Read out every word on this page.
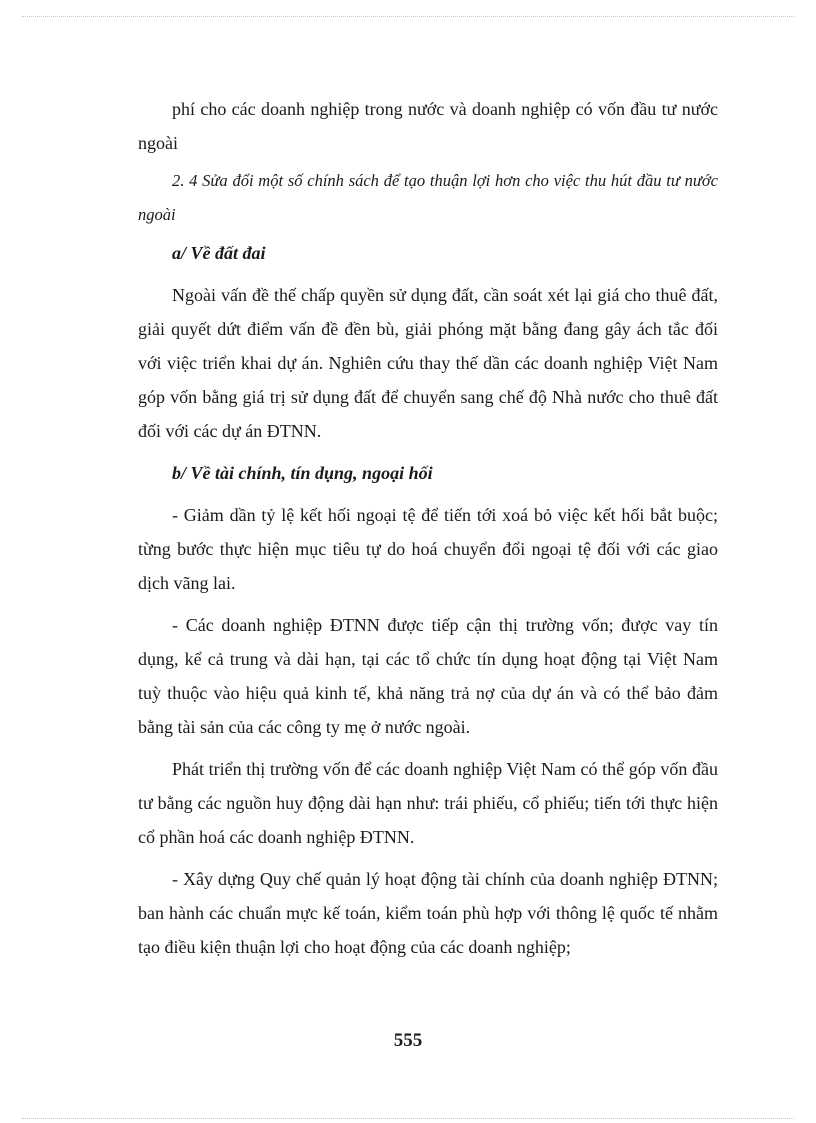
phí cho các doanh nghiệp trong nước và doanh nghiệp có vốn đầu tư nước ngoài

2. 4 Sửa đổi một số chính sách để tạo thuận lợi hơn cho việc thu hút đầu tư nước ngoài

a/ Về đất đai

Ngoài vấn đề thế chấp quyền sử dụng đất, cần soát xét lại giá cho thuê đất, giải quyết dứt điểm vấn đề đền bù, giải phóng mặt bằng đang gây ách tắc đối với việc triển khai dự án. Nghiên cứu thay thế dần các doanh nghiệp Việt Nam góp vốn bằng giá trị sử dụng đất để chuyển sang chế độ Nhà nước cho thuê đất đối với các dự án ĐTNN.

b/ Về tài chính, tín dụng, ngoại hối

- Giảm dần tỷ lệ kết hối ngoại tệ để tiến tới xoá bỏ việc kết hối bắt buộc; từng bước thực hiện mục tiêu tự do hoá chuyển đổi ngoại tệ đối với các giao dịch vãng lai.

- Các doanh nghiệp ĐTNN được tiếp cận thị trường vốn; được vay tín dụng, kể cả trung và dài hạn, tại các tổ chức tín dụng hoạt động tại Việt Nam tuỳ thuộc vào hiệu quả kinh tế, khả năng trả nợ của dự án và có thể bảo đảm bằng tài sản của các công ty mẹ ở nước ngoài.

Phát triển thị trường vốn để các doanh nghiệp Việt Nam có thể góp vốn đầu tư bằng các nguồn huy động dài hạn như: trái phiếu, cổ phiếu; tiến tới thực hiện cổ phần hoá các doanh nghiệp ĐTNN.

- Xây dựng Quy chế quản lý hoạt động tài chính của doanh nghiệp ĐTNN; ban hành các chuẩn mực kế toán, kiểm toán phù hợp với thông lệ quốc tế nhằm tạo điều kiện thuận lợi cho hoạt động của các doanh nghiệp;

555
